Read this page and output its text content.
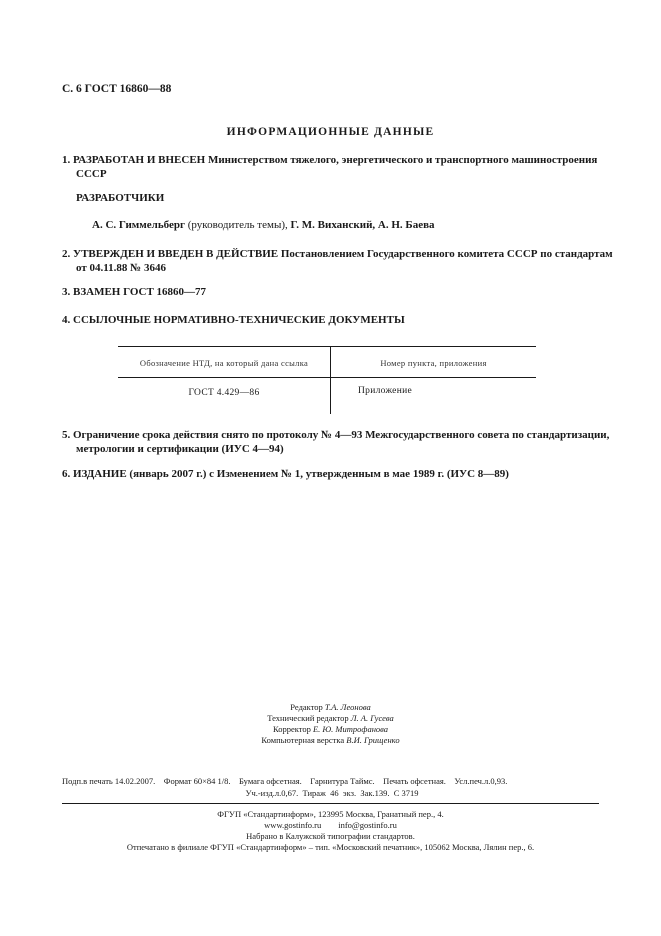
С. 6 ГОСТ 16860—88
ИНФОРМАЦИОННЫЕ ДАННЫЕ
1. РАЗРАБОТАН И ВНЕСЕН Министерством тяжелого, энергетического и транспортного машиностроения СССР
РАЗРАБОТЧИКИ
А. С. Гиммельберг (руководитель темы), Г. М. Виханский, А. Н. Баева
2. УТВЕРЖДЕН И ВВЕДЕН В ДЕЙСТВИЕ Постановлением Государственного комитета СССР по стандартам от 04.11.88 № 3646
3. ВЗАМЕН ГОСТ 16860—77
4. ССЫЛОЧНЫЕ НОРМАТИВНО-ТЕХНИЧЕСКИЕ ДОКУМЕНТЫ
Обозначение НТД, на который дана ссылка	Номер пункта, приложения
ГОСТ 4.429—86	Приложение
5. Ограничение срока действия снято по протоколу № 4—93 Межгосударственного совета по стандартизации, метрологии и сертификации (ИУС 4—94)
6. ИЗДАНИЕ (январь 2007 г.) с Изменением № 1, утвержденным в мае 1989 г. (ИУС 8—89)
Редактор Т.А. Леонова
Технический редактор Л. А. Гусева
Корректор Е. Ю. Митрофанова
Компьютерная верстка В.И. Грищенко
Подп.в печать 14.02.2007.    Формат 60×84 1/8.    Бумага офсетная.    Гарнитура Таймс.    Печать офсетная.    Усл.печ.л.0,93.
Уч.-изд.л.0,67.  Тираж  46  экз.  Зак.139.  С 3719
ФГУП «Стандартинформ», 123995 Москва, Гранатный пер., 4.
www.gostinfo.ru        info@gostinfo.ru
Набрано в Калужской типографии стандартов.
Отпечатано в филиале ФГУП «Стандартинформ» – тип. «Московский печатник», 105062 Москва, Лялин пер., 6.
